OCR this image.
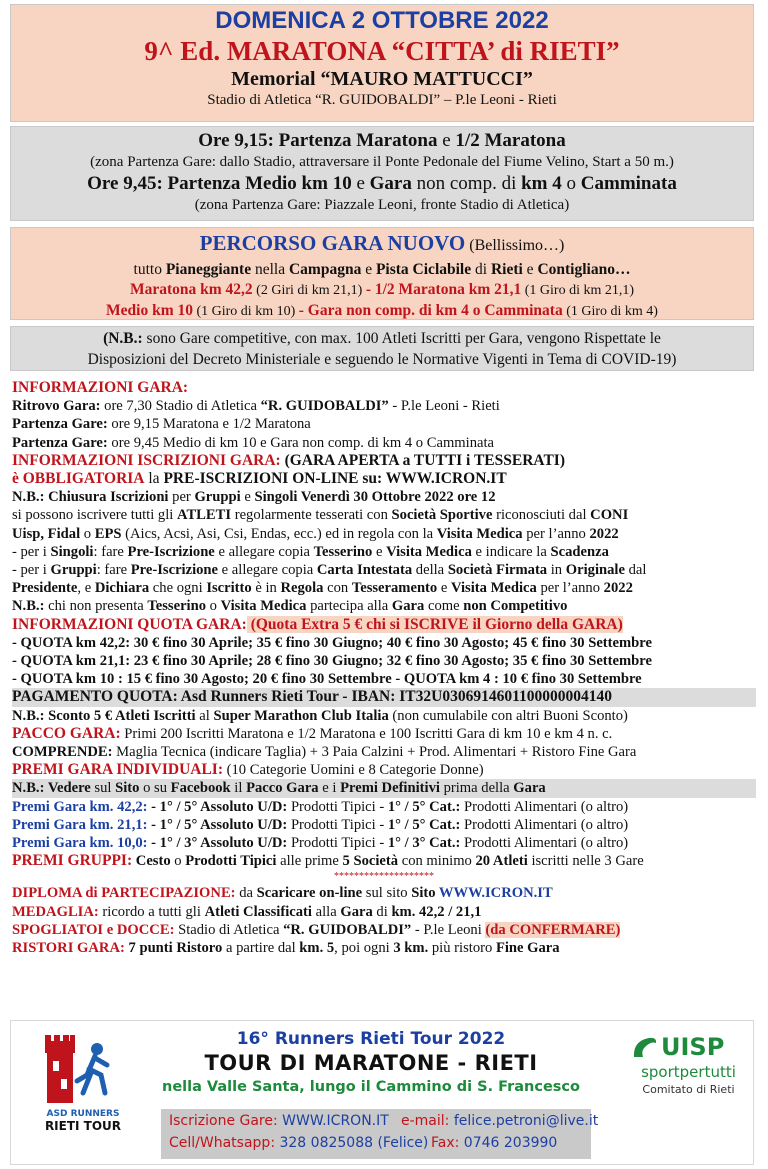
DOMENICA 2 OTTOBRE 2022
9^ Ed. MARATONA “CITTA’ di RIETI”
Memorial “MAURO MATTUCCI”
Stadio di Atletica “R. GUIDOBALDI” – P.le Leoni - Rieti
Ore 9,15: Partenza Maratona e 1/2 Maratona
(zona Partenza Gare: dallo Stadio, attraversare il Ponte Pedonale del Fiume Velino, Start a 50 m.)
Ore 9,45: Partenza Medio km 10 e Gara non comp. di km 4 o Camminata
(zona Partenza Gare: Piazzale Leoni, fronte Stadio di Atletica)
PERCORSO GARA NUOVO (Bellissimo…)
tutto Pianeggiante nella Campagna e Pista Ciclabile di Rieti e Contigliano…
Maratona km 42,2 (2 Giri di km 21,1) - 1/2 Maratona km 21,1 (1 Giro di km 21,1)
Medio km 10 (1 Giro di km 10) - Gara non comp. di km 4 o Camminata (1 Giro di km 4)
(N.B.: sono Gare competitive, con max. 100 Atleti Iscritti per Gara, vengono Rispettate le
Disposizioni del Decreto Ministeriale e seguendo le Normative Vigenti in Tema di COVID-19)
INFORMAZIONI GARA:
Ritrovo Gara: ore 7,30 Stadio di Atletica “R. GUIDOBALDI” - P.le Leoni - Rieti
Partenza Gare: ore 9,15 Maratona e 1/2 Maratona
Partenza Gare: ore 9,45 Medio di km 10 e Gara non comp. di km 4 o Camminata
INFORMAZIONI ISCRIZIONI GARA: (GARA APERTA a TUTTI i TESSERATI)
è OBBLIGATORIA la PRE-ISCRIZIONI ON-LINE su: WWW.ICRON.IT
N.B.: Chiusura Iscrizioni per Gruppi e Singoli Venerdì 30 Ottobre 2022 ore 12
si possono iscrivere tutti gli ATLETI regolarmente tesserati con Società Sportive riconosciuti dal CONI
Uisp, Fidal o EPS (Aics, Acsi, Asi, Csi, Endas, ecc.) ed in regola con la Visita Medica per l’anno 2022
- per i Singoli: fare Pre-Iscrizione e allegare copia Tesserino e Visita Medica e indicare la Scadenza
- per i Gruppi: fare Pre-Iscrizione e allegare copia Carta Intestata della Società Firmata in Originale dal
Presidente, e Dichiara che ogni Iscritto è in Regola con Tesseramento e Visita Medica per l’anno 2022
N.B.: chi non presenta Tesserino o Visita Medica partecipa alla Gara come non Competitivo
INFORMAZIONI QUOTA GARA: (Quota Extra 5 € chi si ISCRIVE il Giorno della GARA)
- QUOTA km 42,2: 30 € fino 30 Aprile; 35 € fino 30 Giugno; 40 € fino 30 Agosto; 45 € fino 30 Settembre
- QUOTA km 21,1: 23 € fino 30 Aprile; 28 € fino 30 Giugno; 32 € fino 30 Agosto; 35 € fino 30 Settembre
- QUOTA km 10 : 15 € fino 30 Agosto; 20 € fino 30 Settembre - QUOTA km 4 : 10 € fino 30 Settembre
PAGAMENTO QUOTA: Asd Runners Rieti Tour - IBAN: IT32U0306914601100000004140
N.B.: Sconto 5 € Atleti Iscritti al Super Marathon Club Italia (non cumulabile con altri Buoni Sconto)
PACCO GARA: Primi 200 Iscritti Maratona e 1/2 Maratona e 100 Iscritti Gara di km 10 e km 4 n. c.
COMPRENDE: Maglia Tecnica (indicare Taglia) + 3 Paia Calzini + Prod. Alimentari + Ristoro Fine Gara
PREMI GARA INDIVIDUALI: (10 Categorie Uomini e 8 Categorie Donne)
N.B.: Vedere sul Sito o su Facebook il Pacco Gara e i Premi Definitivi prima della Gara
Premi Gara km. 42,2: - 1° / 5° Assoluto U/D: Prodotti Tipici - 1° / 5° Cat.: Prodotti Alimentari (o altro)
Premi Gara km. 21,1: - 1° / 5° Assoluto U/D: Prodotti Tipici - 1° / 5° Cat.: Prodotti Alimentari (o altro)
Premi Gara km. 10,0: - 1° / 3° Assoluto U/D: Prodotti Tipici - 1° / 3° Cat.: Prodotti Alimentari (o altro)
PREMI GRUPPI: Cesto o Prodotti Tipici alle prime 5 Società con minimo 20 Atleti iscritti nelle 3 Gare
********************
DIPLOMA di PARTECIPAZIONE: da Scaricare on-line sul sito Sito WWW.ICRON.IT
MEDAGLIA: ricordo a tutti gli Atleti Classificati alla Gara di km. 42,2 / 21,1
SPOGLIATOI e DOCCE: Stadio di Atletica “R. GUIDOBALDI” - P.le Leoni (da CONFERMARE)
RISTORI GARA: 7 punti Ristoro a partire dal km. 5, poi ogni 3 km. più ristoro Fine Gara
ASD RUNNERS
RIETI TOUR
16° Runners Rieti Tour 2022
TOUR DI MARATONE - RIETI
nella Valle Santa, lungo il Cammino di S. Francesco
Iscrizione Gare: WWW.ICRON.IT e-mail: felice.petroni@live.it
Cell/Whatsapp: 328 0825088 (Felice) Fax: 0746 203990
UISP
sportpertutti
Comitato di Rieti
